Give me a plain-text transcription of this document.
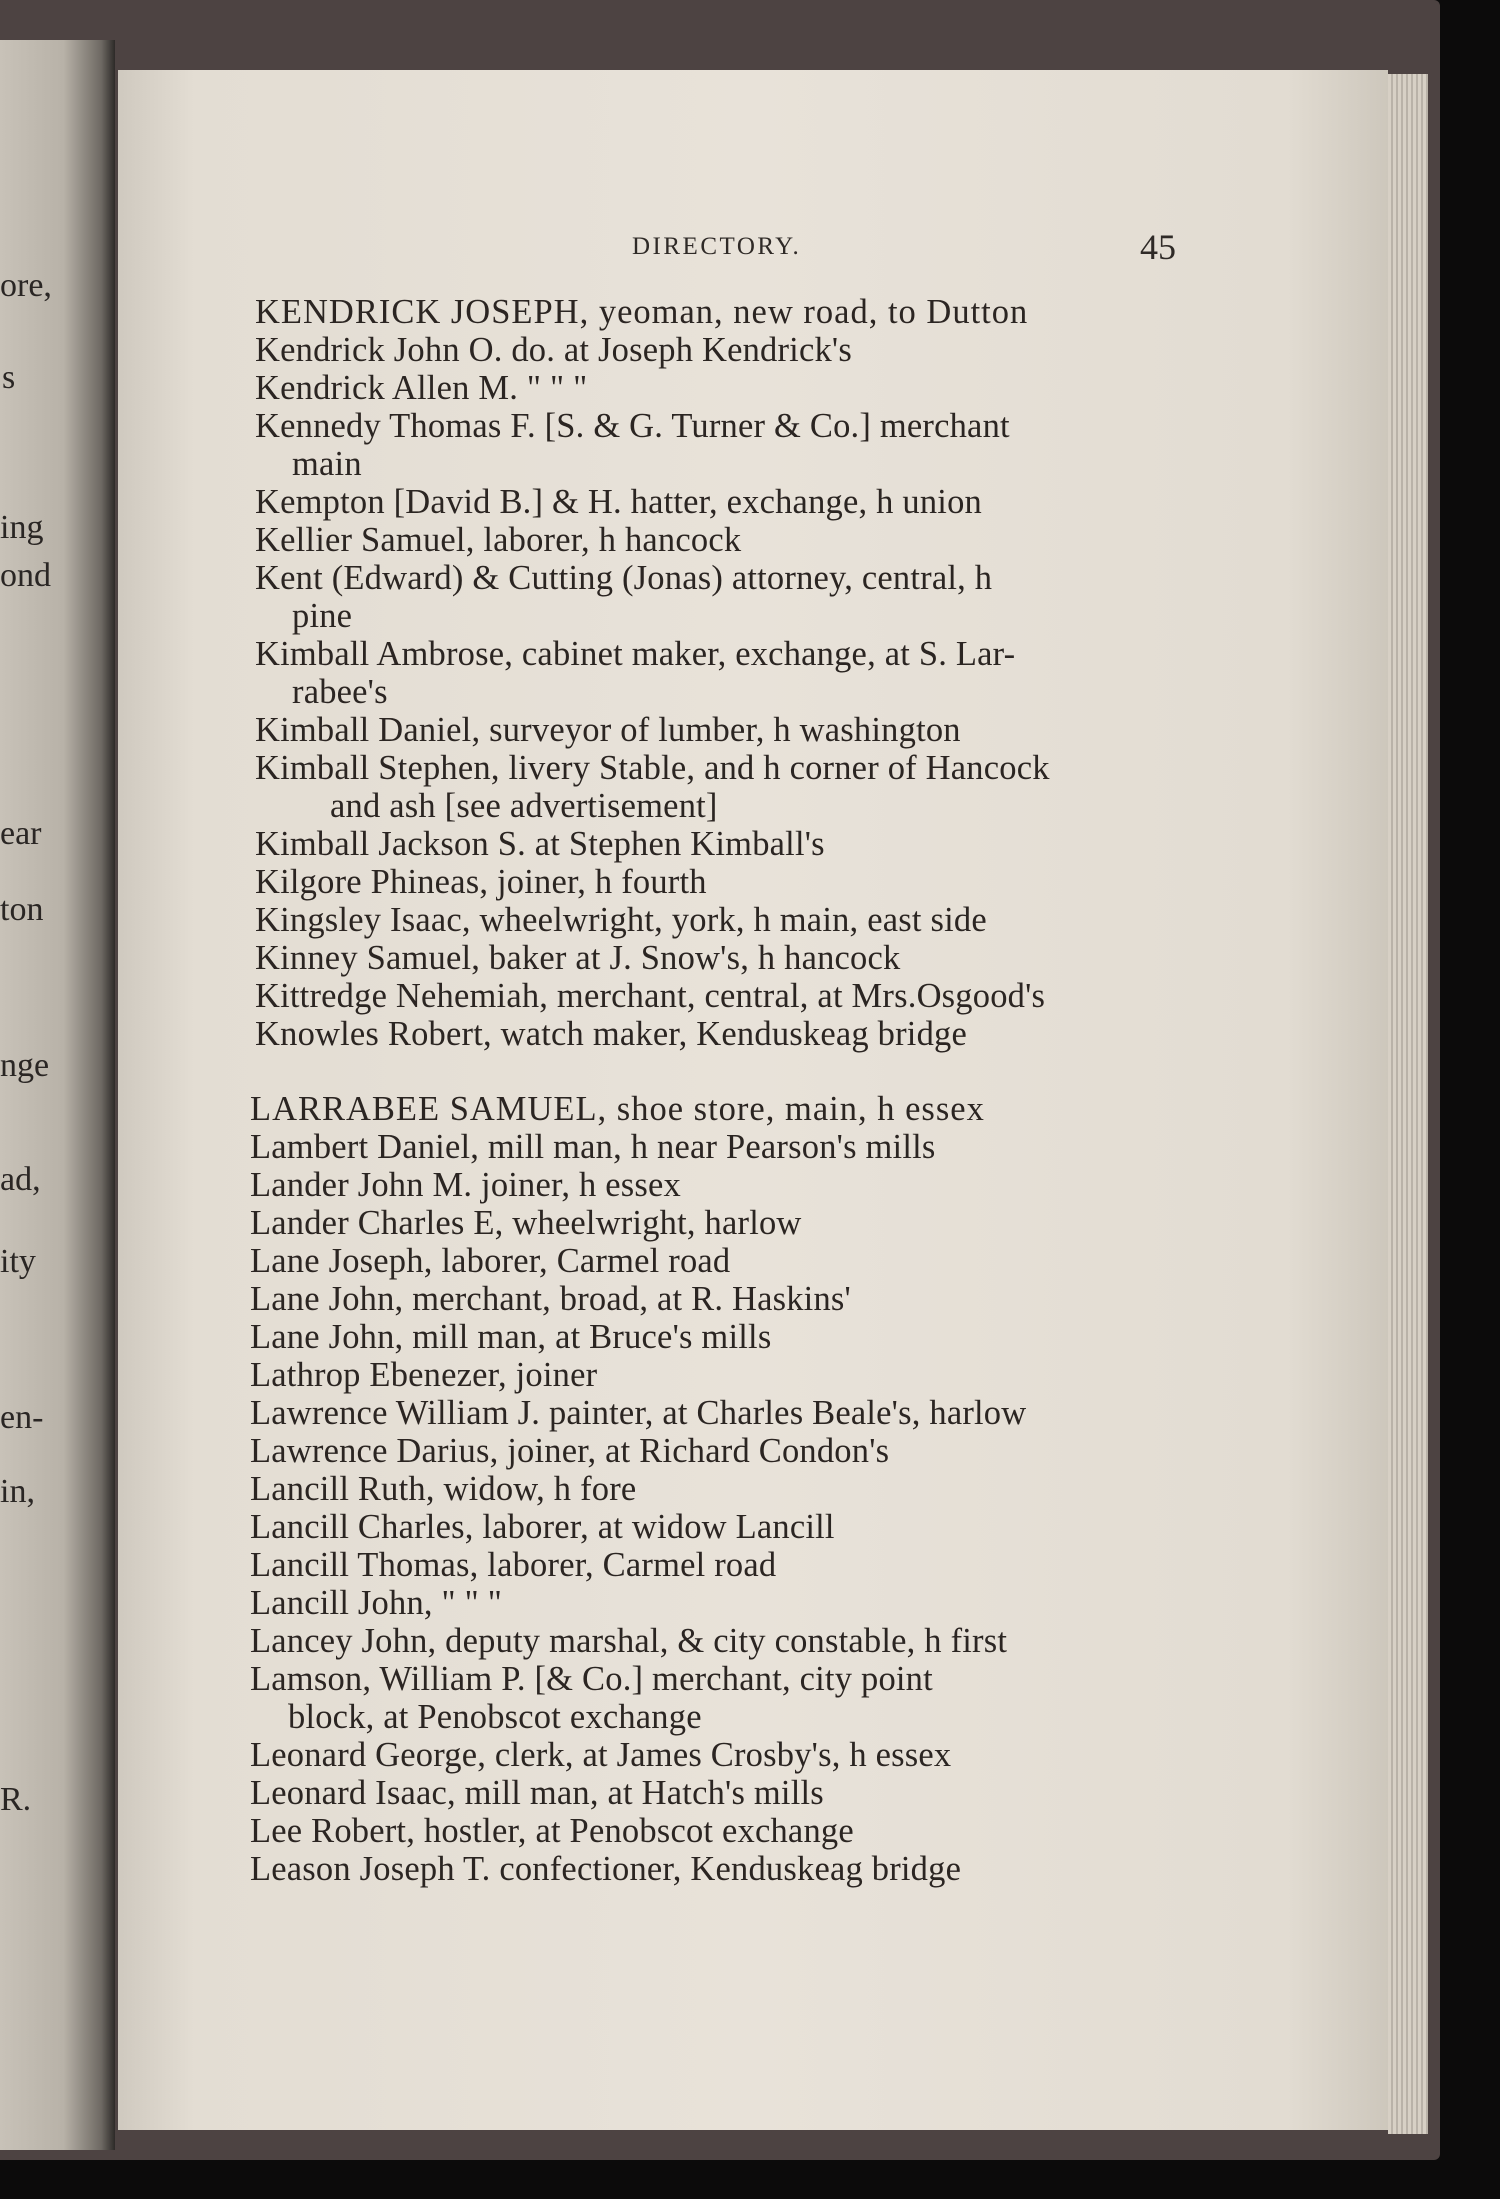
ore,
s
ing
ond
ear
ton
nge
ad,
ity
en-
in,
R.
DIRECTORY.	45
KENDRICK JOSEPH, yeoman, new road, to Dutton
Kendrick John O. do. at Joseph Kendrick's
Kendrick Allen M. " " "
Kennedy Thomas F. [S. & G. Turner & Co.] merchant
main
Kempton [David B.] & H. hatter, exchange, h union
Kellier Samuel, laborer, h hancock
Kent (Edward) & Cutting (Jonas) attorney, central, h
pine
Kimball Ambrose, cabinet maker, exchange, at S. Lar-
rabee's
Kimball Daniel, surveyor of lumber, h washington
Kimball Stephen, livery Stable, and h corner of Hancock
and ash [see advertisement]
Kimball Jackson S. at Stephen Kimball's
Kilgore Phineas, joiner, h fourth
Kingsley Isaac, wheelwright, york, h main, east side
Kinney Samuel, baker at J. Snow's, h hancock
Kittredge Nehemiah, merchant, central, at Mrs.Osgood's
Knowles Robert, watch maker, Kenduskeag bridge
LARRABEE SAMUEL, shoe store, main, h essex
Lambert Daniel, mill man, h near Pearson's mills
Lander John M. joiner, h essex
Lander Charles E, wheelwright, harlow
Lane Joseph, laborer, Carmel road
Lane John, merchant, broad, at R. Haskins'
Lane John, mill man, at Bruce's mills
Lathrop Ebenezer, joiner
Lawrence William J. painter, at Charles Beale's, harlow
Lawrence Darius, joiner, at Richard Condon's
Lancill Ruth, widow, h fore
Lancill Charles, laborer, at widow Lancill
Lancill Thomas, laborer, Carmel road
Lancill John, " " "
Lancey John, deputy marshal, & city constable, h first
Lamson, William P. [& Co.] merchant, city point
block, at Penobscot exchange
Leonard George, clerk, at James Crosby's, h essex
Leonard Isaac, mill man, at Hatch's mills
Lee Robert, hostler, at Penobscot exchange
Leason Joseph T. confectioner, Kenduskeag bridge
